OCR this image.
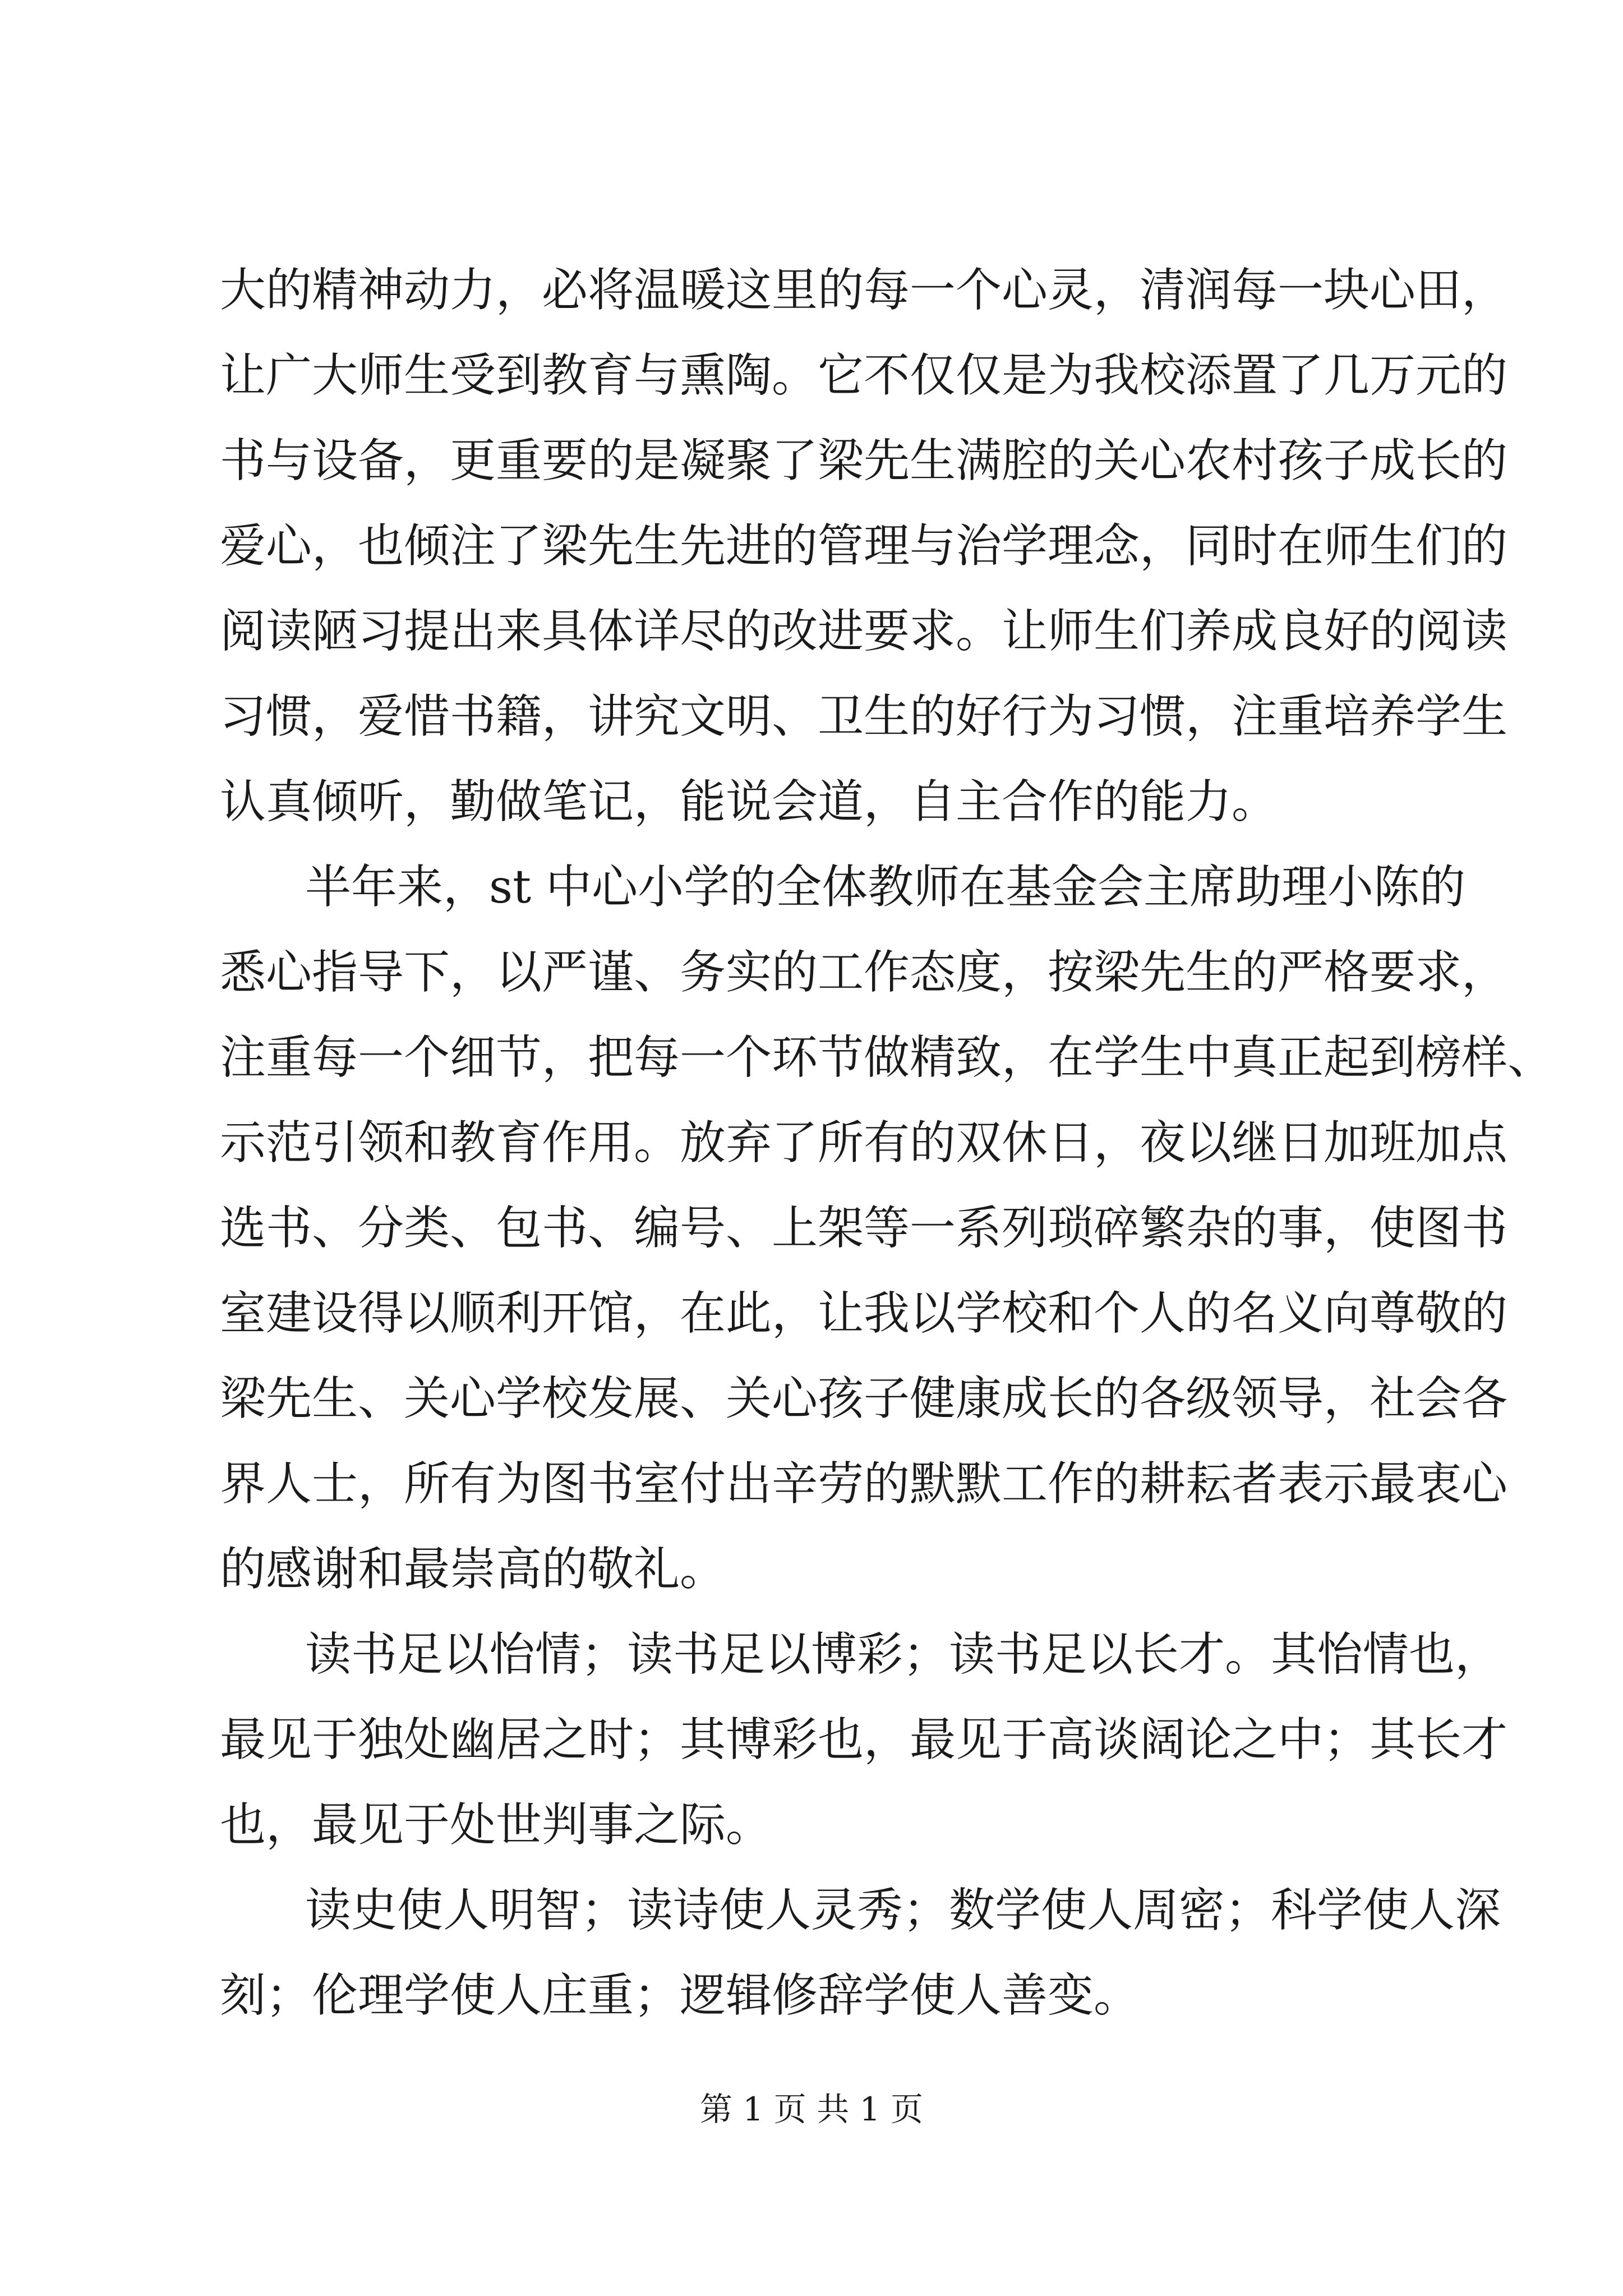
大的精神动力，必将温暖这里的每一个心灵，清润每一块心田，
让广大师生受到教育与熏陶。它不仅仅是为我校添置了几万元的
书与设备，更重要的是凝聚了梁先生满腔的关心农村孩子成长的
爱心，也倾注了梁先生先进的管理与治学理念，同时在师生们的
阅读陋习提出来具体详尽的改进要求。让师生们养成良好的阅读
习惯，爱惜书籍，讲究文明、卫生的好行为习惯，注重培养学生
认真倾听，勤做笔记，能说会道，自主合作的能力。
半年来，st 中心小学的全体教师在基金会主席助理小陈的
悉心指导下，以严谨、务实的工作态度，按梁先生的严格要求，
注重每一个细节，把每一个环节做精致，在学生中真正起到榜样、
示范引领和教育作用。放弃了所有的双休日，夜以继日加班加点
选书、分类、包书、编号、上架等一系列琐碎繁杂的事，使图书
室建设得以顺利开馆，在此，让我以学校和个人的名义向尊敬的
梁先生、关心学校发展、关心孩子健康成长的各级领导，社会各
界人士，所有为图书室付出辛劳的默默工作的耕耘者表示最衷心
的感谢和最崇高的敬礼。
读书足以怡情；读书足以博彩；读书足以长才。其怡情也，
最见于独处幽居之时；其博彩也，最见于高谈阔论之中；其长才
也，最见于处世判事之际。
读史使人明智；读诗使人灵秀；数学使人周密；科学使人深
刻；伦理学使人庄重；逻辑修辞学使人善变。
第 1 页 共 1 页
